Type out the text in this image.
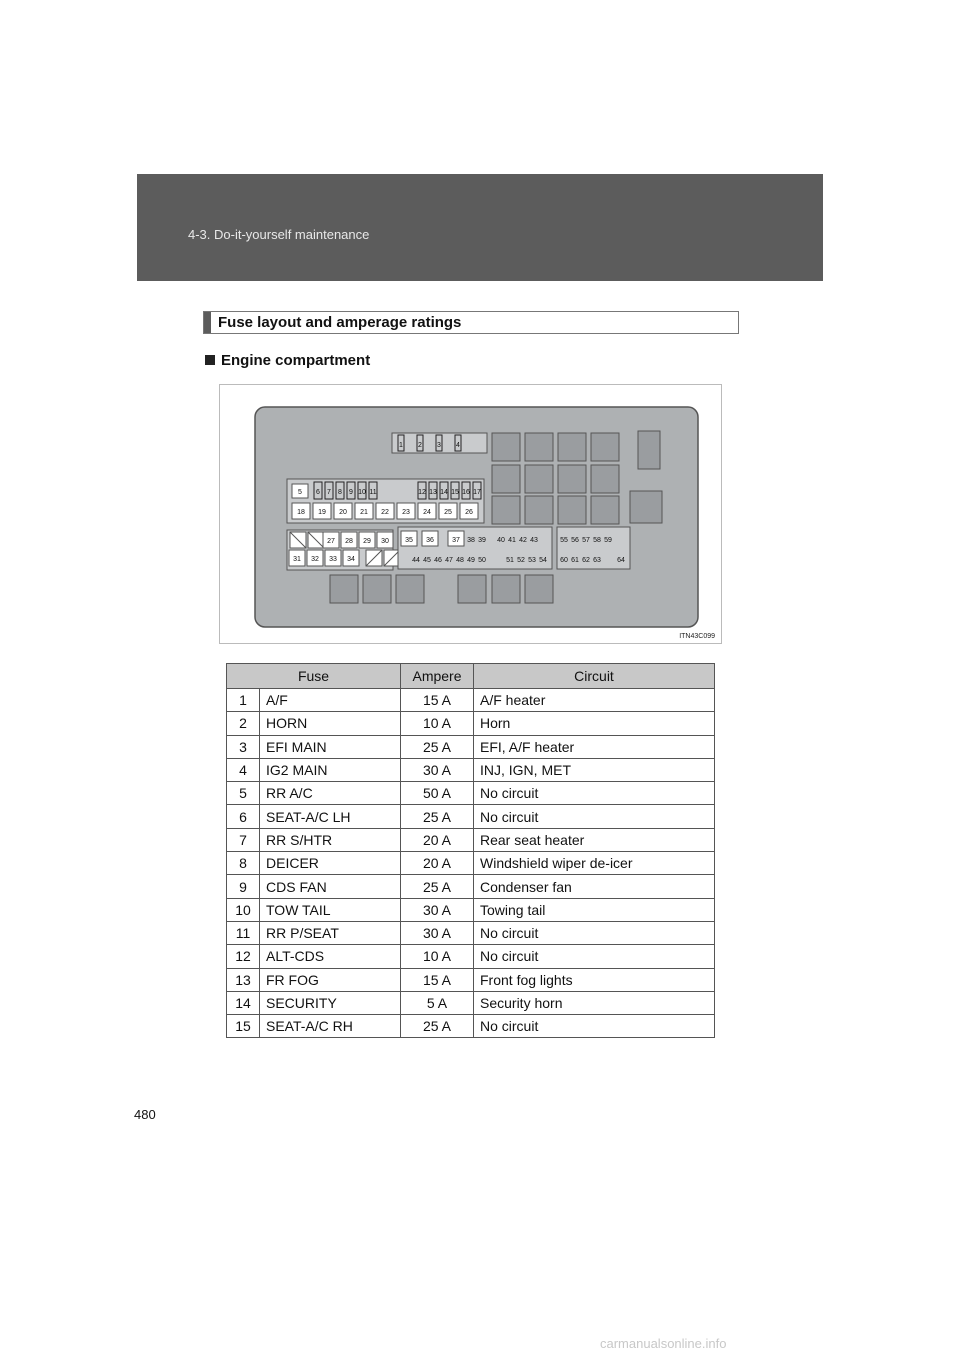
4-3. Do-it-yourself maintenance
Fuse layout and amperage ratings
Engine compartment
1 2 3 4
5 6 7 8 9 10 11	12 13 14 15 16 17
18 19 20 21 22 23 24 25 26
27 28 29 30
31 32 33 34
35 36	37 38 39 40 41 42 43
44 45 46 47 48 49 50	51 52 53 54
55 56 57 58 59
60 61 62 63 64
ITN43C099
Fuse		Ampere	Circuit
1	A/F	15 A	A/F heater
2	HORN	10 A	Horn
3	EFI MAIN	25 A	EFI, A/F heater
4	IG2 MAIN	30 A	INJ, IGN, MET
5	RR A/C	50 A	No circuit
6	SEAT-A/C LH	25 A	No circuit
7	RR S/HTR	20 A	Rear seat heater
8	DEICER	20 A	Windshield wiper de-icer
9	CDS FAN	25 A	Condenser fan
10	TOW TAIL	30 A	Towing tail
11	RR P/SEAT	30 A	No circuit
12	ALT-CDS	10 A	No circuit
13	FR FOG	15 A	Front fog lights
14	SECURITY	5 A	Security horn
15	SEAT-A/C RH	25 A	No circuit
480
carmanualsonline.info
